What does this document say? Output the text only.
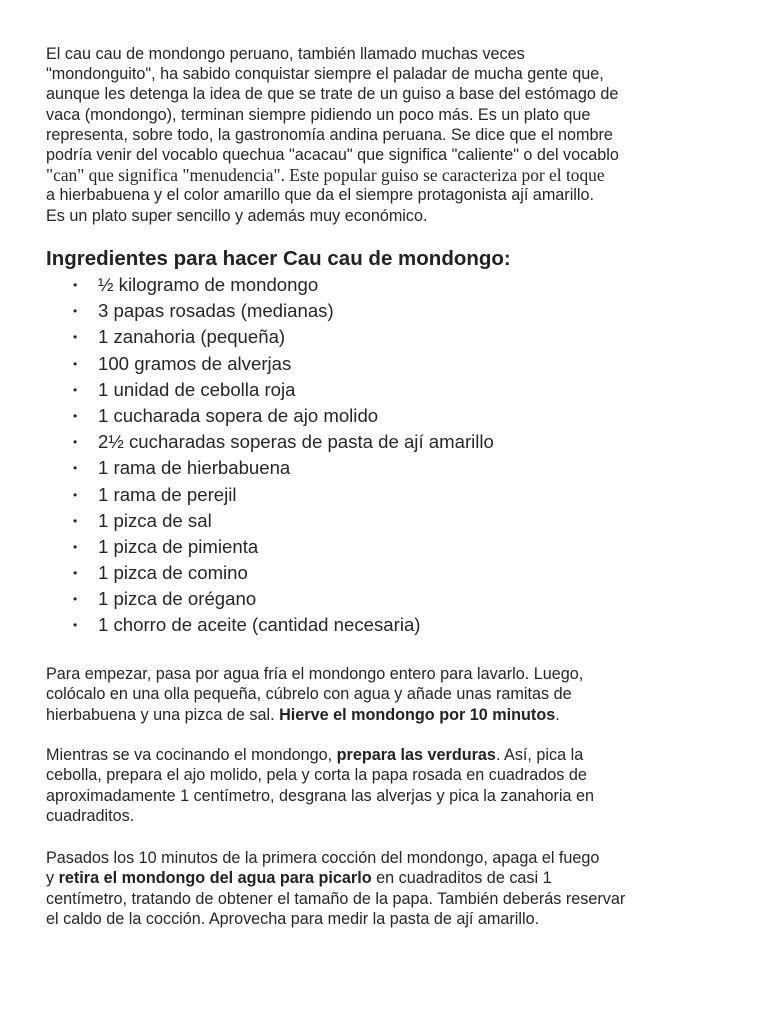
El cau cau de mondongo peruano, también llamado muchas veces
"mondonguito", ha sabido conquistar siempre el paladar de mucha gente que,
aunque les detenga la idea de que se trate de un guiso a base del estómago de
vaca (mondongo), terminan siempre pidiendo un poco más. Es un plato que
representa, sobre todo, la gastronomía andina peruana. Se dice que el nombre
podría venir del vocablo quechua "acacau" que significa "caliente" o del vocablo
"can" que significa "menudencia". Este popular guiso se caracteriza por el toque
a hierbabuena y el color amarillo que da el siempre protagonista ají amarillo.
Es un plato super sencillo y además muy económico.

Ingredientes para hacer Cau cau de mondongo:
• ½ kilogramo de mondongo
• 3 papas rosadas (medianas)
• 1 zanahoria (pequeña)
• 100 gramos de alverjas
• 1 unidad de cebolla roja
• 1 cucharada sopera de ajo molido
• 2½ cucharadas soperas de pasta de ají amarillo
• 1 rama de hierbabuena
• 1 rama de perejil
• 1 pizca de sal
• 1 pizca de pimienta
• 1 pizca de comino
• 1 pizca de orégano
• 1 chorro de aceite (cantidad necesaria)

Para empezar, pasa por agua fría el mondongo entero para lavarlo. Luego,
colócalo en una olla pequeña, cúbrelo con agua y añade unas ramitas de
hierbabuena y una pizca de sal. Hierve el mondongo por 10 minutos.

Mientras se va cocinando el mondongo, prepara las verduras. Así, pica la
cebolla, prepara el ajo molido, pela y corta la papa rosada en cuadrados de
aproximadamente 1 centímetro, desgrana las alverjas y pica la zanahoria en
cuadraditos.

Pasados los 10 minutos de la primera cocción del mondongo, apaga el fuego
y retira el mondongo del agua para picarlo en cuadraditos de casi 1
centímetro, tratando de obtener el tamaño de la papa. También deberás reservar
el caldo de la cocción. Aprovecha para medir la pasta de ají amarillo.
